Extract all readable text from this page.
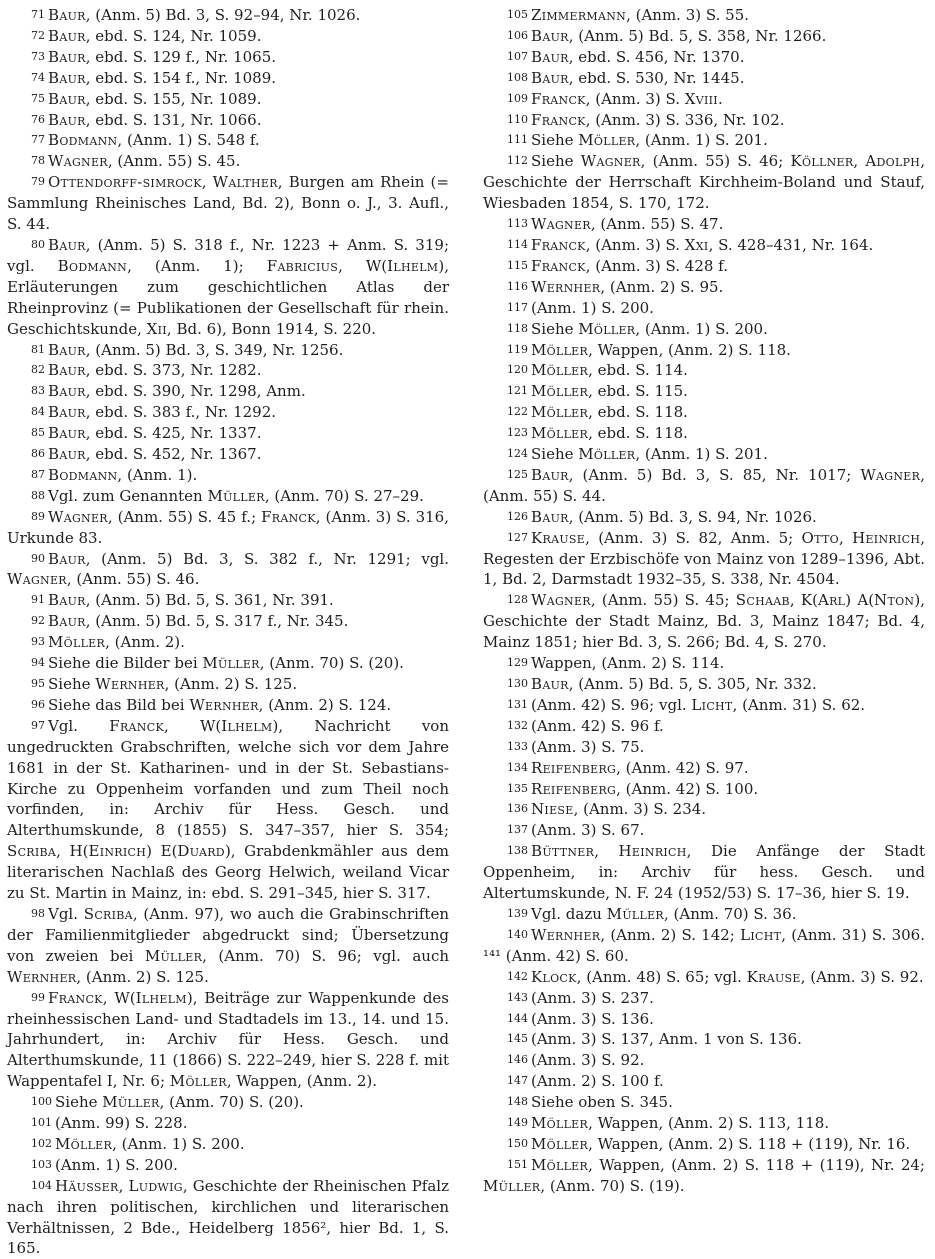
71 Baur, (Anm. 5) Bd. 3, S. 92–94, Nr. 1026.

72 Baur, ebd. S. 124, Nr. 1059.

73 Baur, ebd. S. 129 f., Nr. 1065.

74 Baur, ebd. S. 154 f., Nr. 1089.

75 Baur, ebd. S. 155, Nr. 1089.

76 Baur, ebd. S. 131, Nr. 1066.

77 Bodmann, (Anm. 1) S. 548 f.

78 Wagner, (Anm. 55) S. 45.

79 Ottendorff-simrock, Walther, Burgen am Rhein (= Sammlung Rheinisches Land, Bd. 2), Bonn o. J., 3. Aufl., S. 44.

80 Baur, (Anm. 5) S. 318 f., Nr. 1223 + Anm. S. 319; vgl. Bodmann, (Anm. 1); Fabricius, W(Ilhelm), Erläuterungen zum geschichtlichen Atlas der Rheinprovinz (= Publikationen der Gesellschaft für rhein. Geschichtskunde, Xii, Bd. 6), Bonn 1914, S. 220.

81 Baur, (Anm. 5) Bd. 3, S. 349, Nr. 1256.

82 Baur, ebd. S. 373, Nr. 1282.

83 Baur, ebd. S. 390, Nr. 1298, Anm.

84 Baur, ebd. S. 383 f., Nr. 1292.

85 Baur, ebd. S. 425, Nr. 1337.

86 Baur, ebd. S. 452, Nr. 1367.

87 Bodmann, (Anm. 1).

88 Vgl. zum Genannten Müller, (Anm. 70) S. 27–29.

89 Wagner, (Anm. 55) S. 45 f.; Franck, (Anm. 3) S. 316, Urkunde 83.

90 Baur, (Anm. 5) Bd. 3, S. 382 f., Nr. 1291; vgl. Wagner, (Anm. 55) S. 46.

91 Baur, (Anm. 5) Bd. 5, S. 361, Nr. 391.

92 Baur, (Anm. 5) Bd. 5, S. 317 f., Nr. 345.

93 Möller, (Anm. 2).

94 Siehe die Bilder bei Müller, (Anm. 70) S. (20).

95 Siehe Wernher, (Anm. 2) S. 125.

96 Siehe das Bild bei Wernher, (Anm. 2) S. 124.

97 Vgl. Franck, W(Ilhelm), Nachricht von ungedruckten Grabschriften, welche sich vor dem Jahre 1681 in der St. Katharinen- und in der St. Sebastians-Kirche zu Oppenheim vorfanden und zum Theil noch vorfinden, in: Archiv für Hess. Gesch. und Alterthumskunde, 8 (1855) S. 347–357, hier S. 354; Scriba, H(Einrich) E(Duard), Grabdenkmähler aus dem literarischen Nachlaß des Georg Helwich, weiland Vicar zu St. Martin in Mainz, in: ebd. S. 291–345, hier S. 317.

98 Vgl. Scriba, (Anm. 97), wo auch die Grabinschriften der Familienmitglieder abgedruckt sind; Übersetzung von zweien bei Müller, (Anm. 70) S. 96; vgl. auch Wernher, (Anm. 2) S. 125.

99 Franck, W(Ilhelm), Beiträge zur Wappenkunde des rheinhessischen Land- und Stadtadels im 13., 14. und 15. Jahrhundert, in: Archiv für Hess. Gesch. und Alterthumskunde, 11 (1866) S. 222–249, hier S. 228 f. mit Wappentafel I, Nr. 6; Möller, Wappen, (Anm. 2).

100 Siehe Müller, (Anm. 70) S. (20).

101 (Anm. 99) S. 228.

102 Möller, (Anm. 1) S. 200.

103 (Anm. 1) S. 200.

104 Häusser, Ludwig, Geschichte der Rheinischen Pfalz nach ihren politischen, kirchlichen und literarischen Verhältnissen, 2 Bde., Heidelberg 1856², hier Bd. 1, S. 165.

105 Zimmermann, (Anm. 3) S. 55.

106 Baur, (Anm. 5) Bd. 5, S. 358, Nr. 1266.

107 Baur, ebd. S. 456, Nr. 1370.

108 Baur, ebd. S. 530, Nr. 1445.

109 Franck, (Anm. 3) S. Xviii.

110 Franck, (Anm. 3) S. 336, Nr. 102.

111 Siehe Möller, (Anm. 1) S. 201.

112 Siehe Wagner, (Anm. 55) S. 46; Köllner, Adolph, Geschichte der Herrschaft Kirchheim-Boland und Stauf, Wiesbaden 1854, S. 170, 172.

113 Wagner, (Anm. 55) S. 47.

114 Franck, (Anm. 3) S. Xxi, S. 428–431, Nr. 164.

115 Franck, (Anm. 3) S. 428 f.

116 Wernher, (Anm. 2) S. 95.

117 (Anm. 1) S. 200.

118 Siehe Möller, (Anm. 1) S. 200.

119 Möller, Wappen, (Anm. 2) S. 118.

120 Möller, ebd. S. 114.

121 Möller, ebd. S. 115.

122 Möller, ebd. S. 118.

123 Möller, ebd. S. 118.

124 Siehe Möller, (Anm. 1) S. 201.

125 Baur, (Anm. 5) Bd. 3, S. 85, Nr. 1017; Wagner, (Anm. 55) S. 44.

126 Baur, (Anm. 5) Bd. 3, S. 94, Nr. 1026.

127 Krause, (Anm. 3) S. 82, Anm. 5; Otto, Heinrich, Regesten der Erzbischöfe von Mainz von 1289–1396, Abt. 1, Bd. 2, Darmstadt 1932–35, S. 338, Nr. 4504.

128 Wagner, (Anm. 55) S. 45; Schaab, K(Arl) A(Nton), Geschichte der Stadt Mainz, Bd. 3, Mainz 1847; Bd. 4, Mainz 1851; hier Bd. 3, S. 266; Bd. 4, S. 270.

129 Wappen, (Anm. 2) S. 114.

130 Baur, (Anm. 5) Bd. 5, S. 305, Nr. 332.

131 (Anm. 42) S. 96; vgl. Licht, (Anm. 31) S. 62.

132 (Anm. 42) S. 96 f.

133 (Anm. 3) S. 75.

134 Reifenberg, (Anm. 42) S. 97.

135 Reifenberg, (Anm. 42) S. 100.

136 Niese, (Anm. 3) S. 234.

137 (Anm. 3) S. 67.

138 Büttner, Heinrich, Die Anfänge der Stadt Oppenheim, in: Archiv für hess. Gesch. und Altertumskunde, N. F. 24 (1952/53) S. 17–36, hier S. 19.

139 Vgl. dazu Müller, (Anm. 70) S. 36.

140 Wernher, (Anm. 2) S. 142; Licht, (Anm. 31) S. 306. ¹⁴¹ (Anm. 42) S. 60.

142 Klock, (Anm. 48) S. 65; vgl. Krause, (Anm. 3) S. 92.

143 (Anm. 3) S. 237.

144 (Anm. 3) S. 136.

145 (Anm. 3) S. 137, Anm. 1 von S. 136.

146 (Anm. 3) S. 92.

147 (Anm. 2) S. 100 f.

148 Siehe oben S. 345.

149 Möller, Wappen, (Anm. 2) S. 113, 118.

150 Möller, Wappen, (Anm. 2) S. 118 + (119), Nr. 16.

151 Möller, Wappen, (Anm. 2) S. 118 + (119), Nr. 24; Müller, (Anm. 70) S. (19).
